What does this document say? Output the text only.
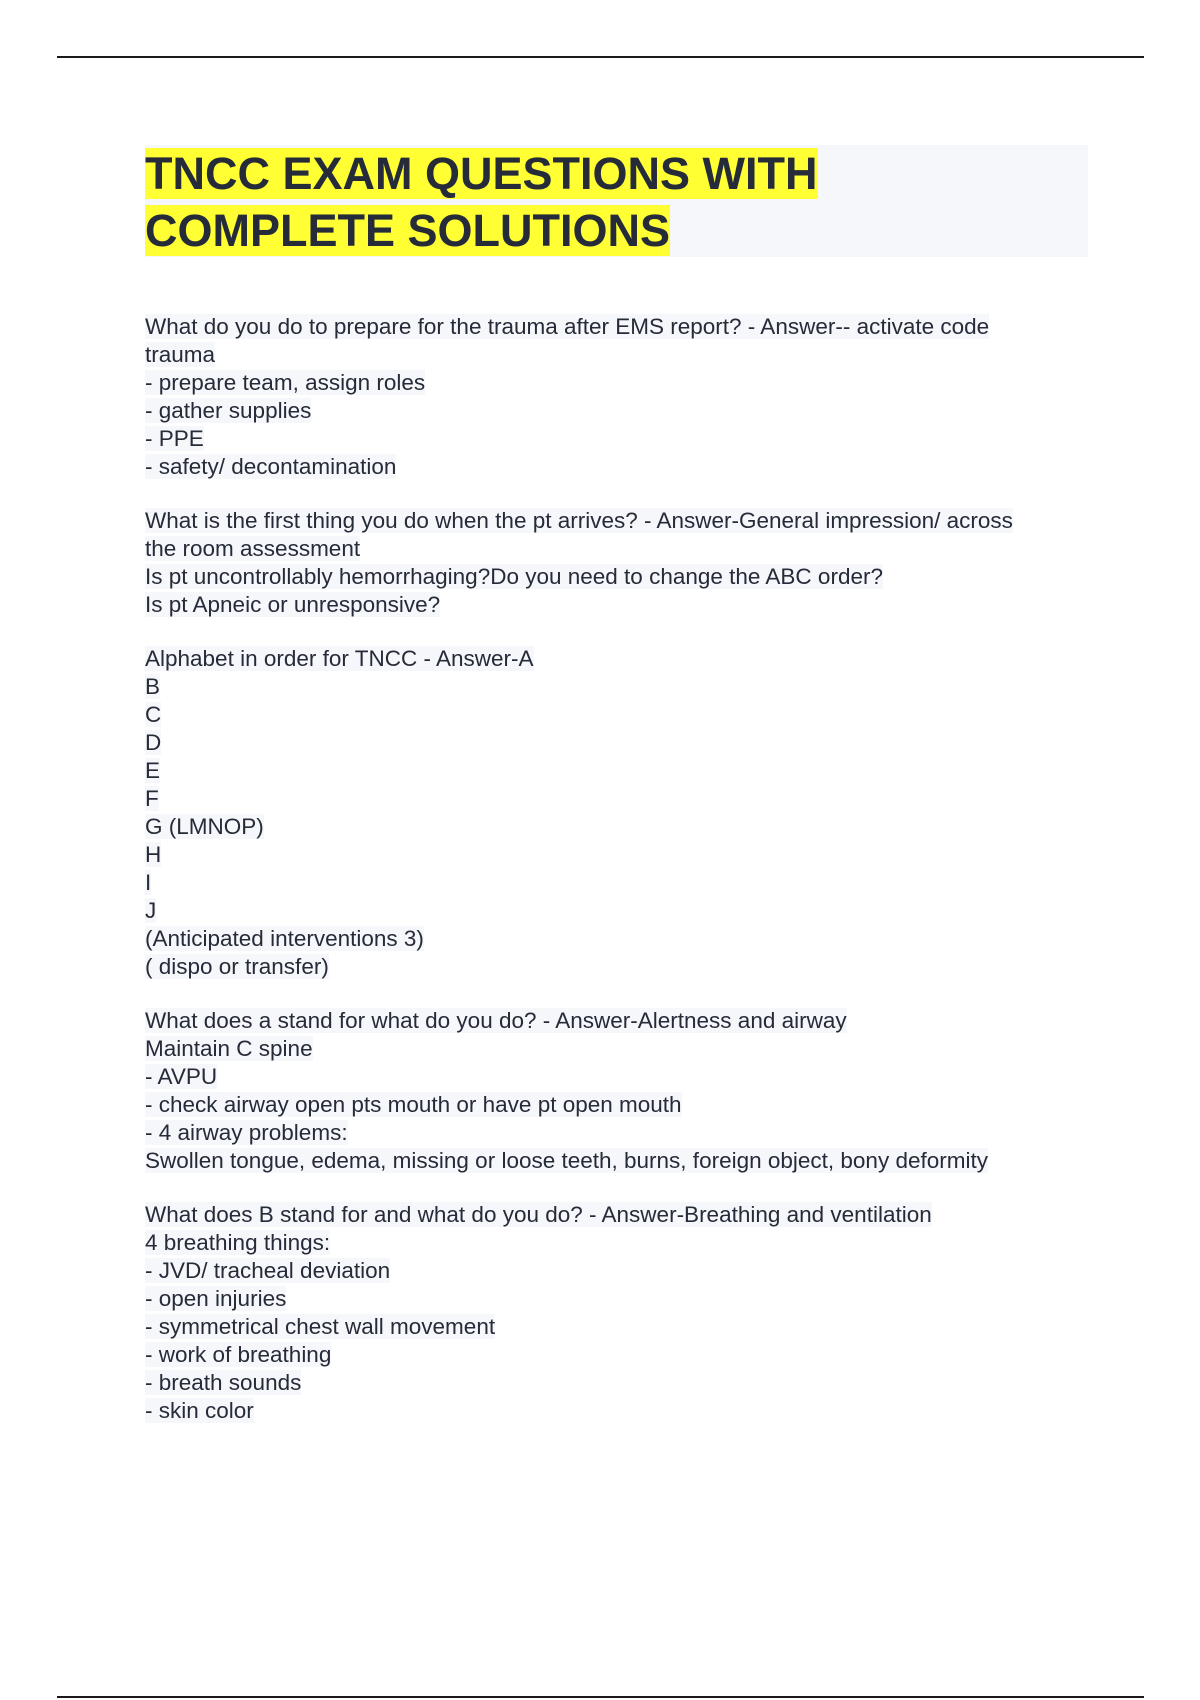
TNCC EXAM QUESTIONS WITH
COMPLETE SOLUTIONS
What do you do to prepare for the trauma after EMS report? - Answer-- activate code
trauma
- prepare team, assign roles
- gather supplies
- PPE
- safety/ decontamination
What is the first thing you do when the pt arrives? - Answer-General impression/ across
the room assessment
Is pt uncontrollably hemorrhaging?Do you need to change the ABC order?
Is pt Apneic or unresponsive?
Alphabet in order for TNCC - Answer-A
B
C
D
E
F
G (LMNOP)
H
I
J
(Anticipated interventions 3)
( dispo or transfer)
What does a stand for what do you do? - Answer-Alertness and airway
Maintain C spine
- AVPU
- check airway open pts mouth or have pt open mouth
- 4 airway problems:
Swollen tongue, edema, missing or loose teeth, burns, foreign object, bony deformity
What does B stand for and what do you do? - Answer-Breathing and ventilation
4 breathing things:
- JVD/ tracheal deviation
- open injuries
- symmetrical chest wall movement
- work of breathing
- breath sounds
- skin color
